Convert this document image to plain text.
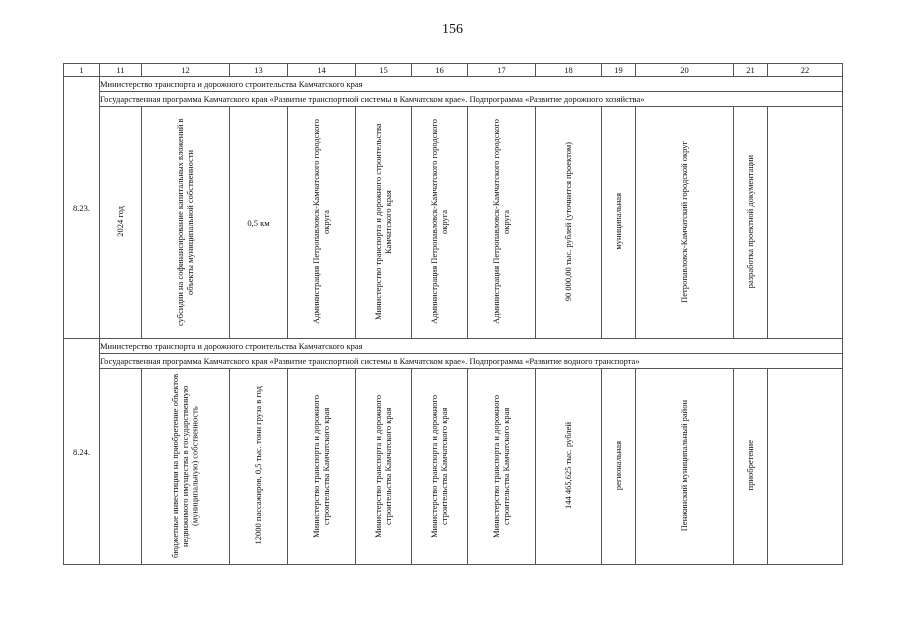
156
1	11	12	13	14	15	16	17	18	19	20	21	22
8.23.	Министерство транспорта и дорожного строительства Камчатского края											
	Государственная программа Камчатского края «Развитие транспортной системы в Камчатском крае». Подпрограмма «Развитие дорожного хозяйства»											
	2024 год	субсидии на софинансирование капитальных вложений в объекты муниципальной собственности	0,5 км	Администрация Петропавловск-Камчатского городского округа	Министерство транспорта и дорожного строительства Камчатского края	Администрация Петропавловск-Камчатского городского округа	Администрация Петропавловск-Камчатского городского округа	90 000,00 тыс. рублей (уточнится проектом)	муниципальная	Петропавловск-Камчатский городской округ	разработка проектной документации	
8.24.	Министерство транспорта и дорожного строительства Камчатского края											
	Государственная программа Камчатского края «Развитие транспортной системы в Камчатском крае». Подпрограмма «Развитие водного транспорта»											
		бюджетные инвестиции на приобретение объектов недвижимого имущества в государственную (муниципальную) собственность	12000 пассажиров, 0,5 тыс. тонн груза в год	Министерство транспорта и дорожного строительства Камчатского края	Министерство транспорта и дорожного строительства Камчатского края	Министерство транспорта и дорожного строительства Камчатского края	Министерство транспорта и дорожного строительства Камчатского края	144 465,625 тыс. рублей	региональная	Пенжинский муниципальный район	приобретение	
